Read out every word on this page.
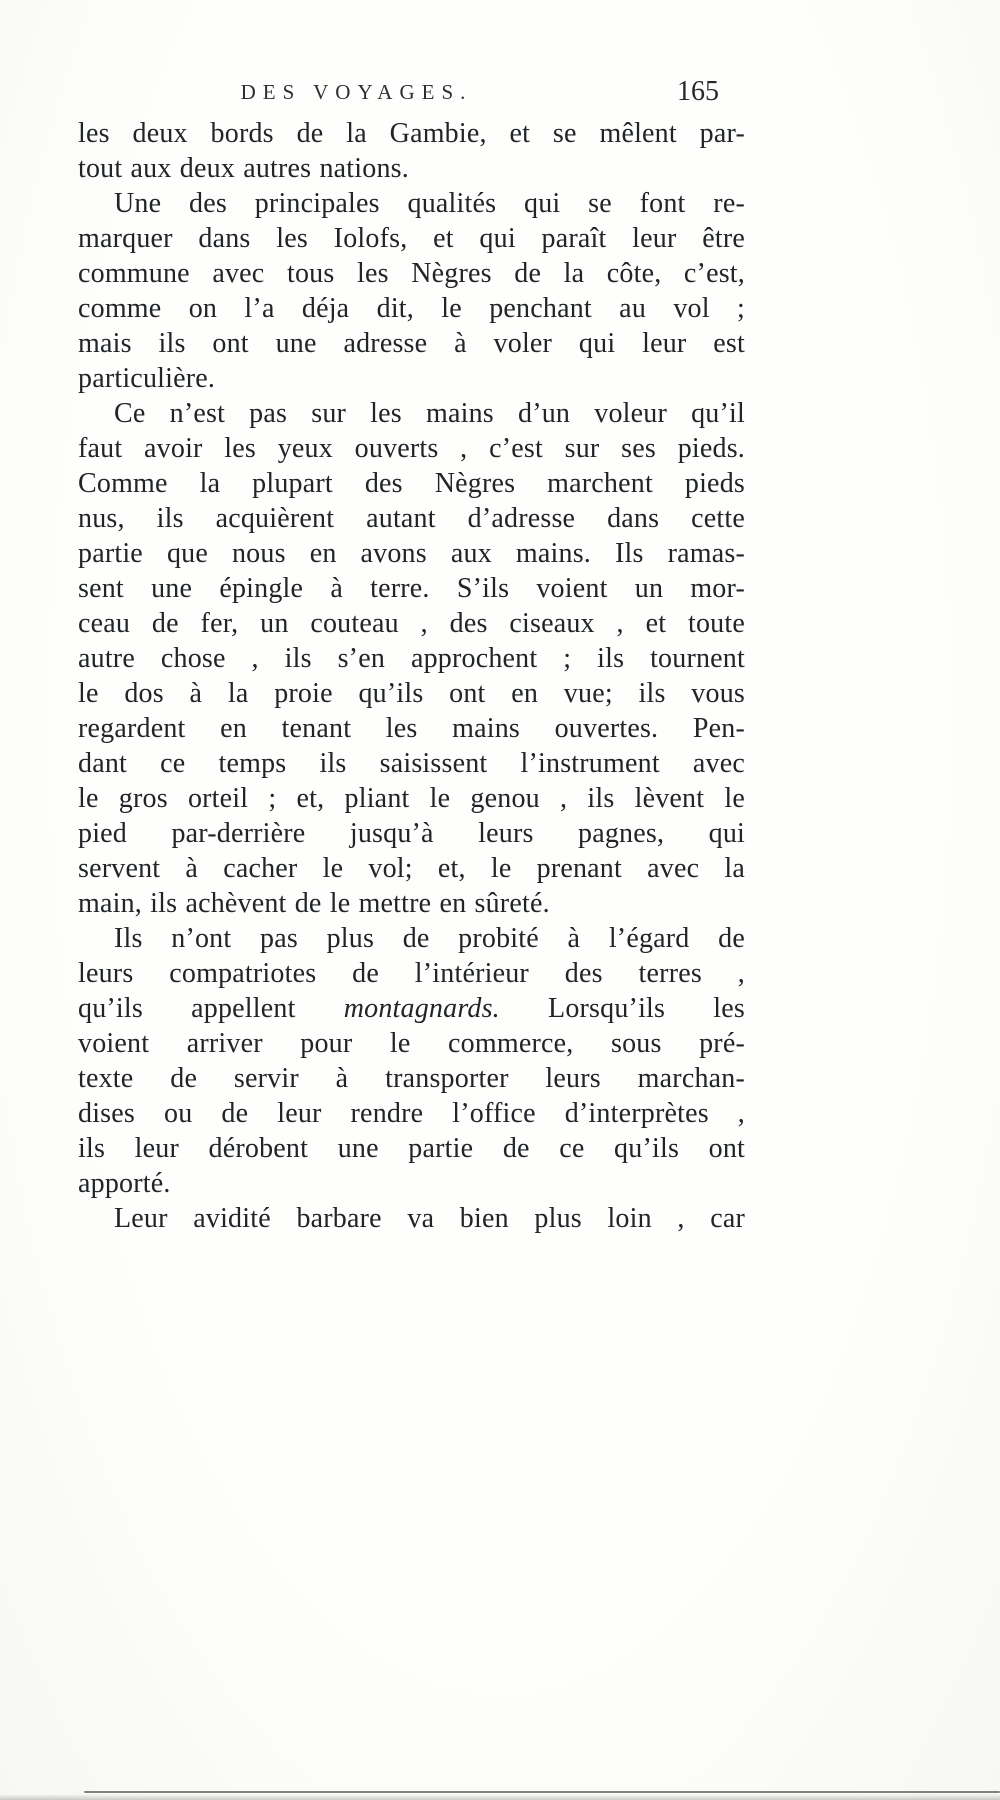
DES VOYAGES.	165
les deux bords de la Gambie, et se mêlent par-
tout aux deux autres nations.
Une des principales qualités qui se font re-
marquer dans les Iolofs, et qui paraît leur être
commune avec tous les Nègres de la côte, c’est,
comme on l’a déja dit, le penchant au vol ;
mais ils ont une adresse à voler qui leur est
particulière.
Ce n’est pas sur les mains d’un voleur qu’il
faut avoir les yeux ouverts , c’est sur ses pieds.
Comme la plupart des Nègres marchent pieds
nus, ils acquièrent autant d’adresse dans cette
partie que nous en avons aux mains. Ils ramas-
sent une épingle à terre. S’ils voient un mor-
ceau de fer, un couteau , des ciseaux , et toute
autre chose , ils s’en approchent ; ils tournent
le dos à la proie qu’ils ont en vue; ils vous
regardent en tenant les mains ouvertes. Pen-
dant ce temps ils saisissent l’instrument avec
le gros orteil ; et, pliant le genou , ils lèvent le
pied par-derrière jusqu’à leurs pagnes, qui
servent à cacher le vol; et, le prenant avec la
main, ils achèvent de le mettre en sûreté.
Ils n’ont pas plus de probité à l’égard de
leurs compatriotes de l’intérieur des terres ,
qu’ils appellent montagnards. Lorsqu’ils les
voient arriver pour le commerce, sous pré-
texte de servir à transporter leurs marchan-
dises ou de leur rendre l’office d’interprètes ,
ils leur dérobent une partie de ce qu’ils ont
apporté.
Leur avidité barbare va bien plus loin , car
